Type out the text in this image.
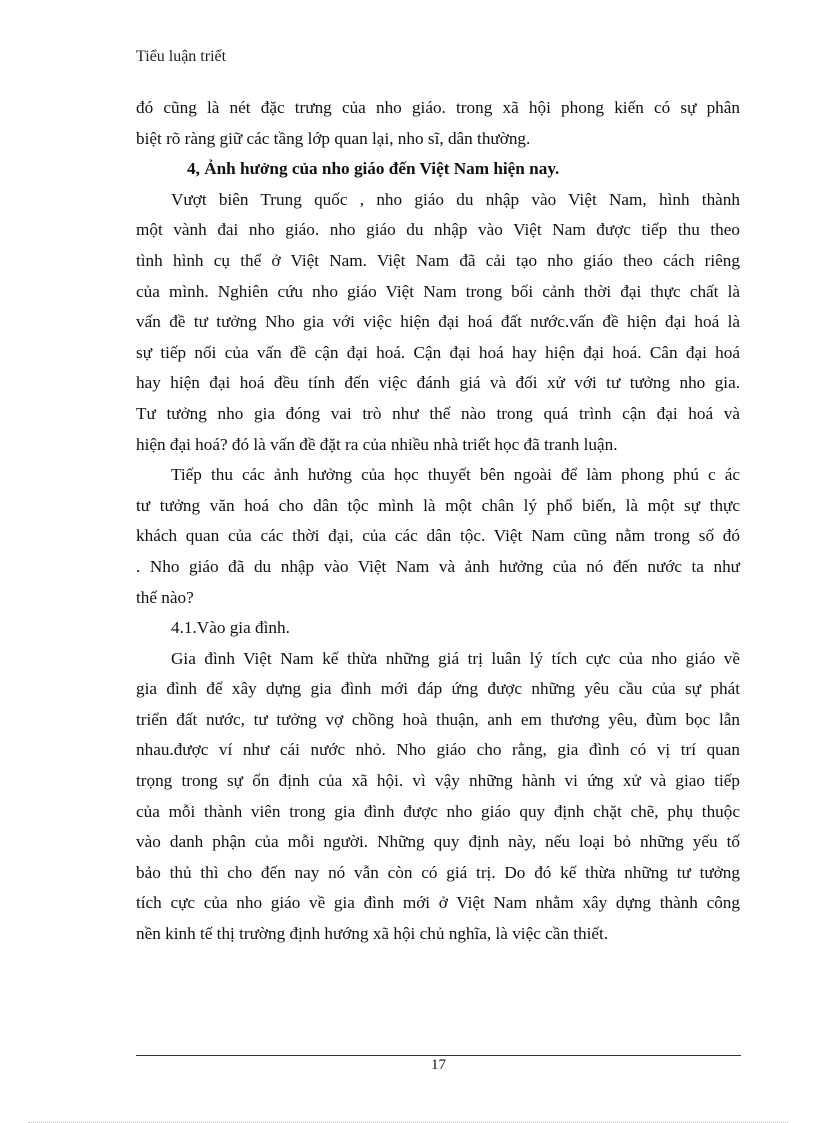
Tiểu luận triết

đó cũng là nét đặc trưng của nho giáo. trong xã hội phong kiến có sự phân
biệt rõ ràng giữ các tầng lớp quan lại, nho sĩ, dân thường.

4, Ảnh hưởng của nho giáo đến Việt Nam hiện nay.

Vượt biên Trung quốc , nho giáo du nhập vào Việt Nam, hình thành
một vành đai nho giáo. nho giáo du nhập vào Việt Nam được tiếp thu theo
tình hình cụ thể ở Việt Nam. Việt Nam đã cải tạo nho giáo theo cách riêng
của mình. Nghiên cứu nho giáo Việt Nam trong bối cảnh thời đại thực chất là
vấn đề tư tưởng Nho gia với việc hiện đại hoá đất nước.vấn đề hiện đại hoá là
sự tiếp nối của vấn đề cận đại hoá. Cận đại hoá hay hiện đại hoá. Cân đại hoá
hay hiện đại hoá đều tính đến việc đánh giá và đối xử với tư tưởng nho gia.
Tư tưởng nho gia đóng vai trò như thế nào trong quá trình cận đại hoá và
hiện đại hoá? đó là vấn đề đặt ra của nhiều nhà triết học đã tranh luận.

Tiếp thu các ảnh hưởng của học thuyết bên ngoài để làm phong phú c ác
tư tưởng văn hoá cho dân tộc mình là một chân lý phổ biến, là một sự thực
khách quan của các thời đại, của các dân tộc. Việt Nam cũng nằm trong số đó
. Nho giáo đã du nhập vào Việt Nam và ảnh hưởng của nó đến nước ta như
thế nào?

4.1.Vào gia đình.

Gia đình Việt Nam kế thừa những giá trị luân lý tích cực của nho giáo về
gia đình để xây dựng gia đình mới đáp ứng được những yêu cầu của sự phát
triển đất nước, tư tưởng vợ chồng hoà thuận, anh em thương yêu, đùm bọc lẫn
nhau.được ví như cái nước nhỏ. Nho giáo cho rằng, gia đình có vị trí quan
trọng trong sự ổn định của xã hội. vì vậy những hành vi ứng xử và giao tiếp
của mỗi thành viên trong gia đình được nho giáo quy định chặt chẽ, phụ thuộc
vào danh phận của mỗi người. Những quy định này, nếu loại bỏ những yếu tố
bảo thủ thì cho đến nay nó vẫn còn có giá trị. Do đó kế thừa những tư tưởng
tích cực của nho giáo về gia đình mới ở Việt Nam nhằm xây dựng thành công
nền kinh tế thị trường định hướng xã hội chủ nghĩa, là việc cần thiết.

17
